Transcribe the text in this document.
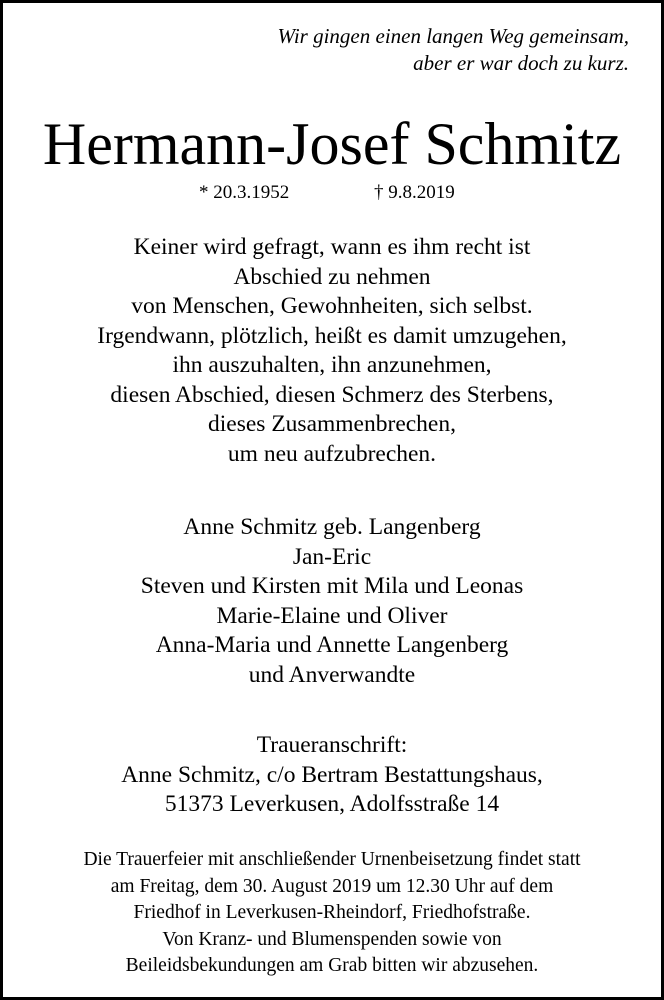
Wir gingen einen langen Weg gemeinsam,
aber er war doch zu kurz.
Hermann-Josef Schmitz
* 20.3.1952	† 9.8.2019
Keiner wird gefragt, wann es ihm recht ist
Abschied zu nehmen
von Menschen, Gewohnheiten, sich selbst.
Irgendwann, plötzlich, heißt es damit umzugehen,
ihn auszuhalten, ihn anzunehmen,
diesen Abschied, diesen Schmerz des Sterbens,
dieses Zusammenbrechen,
um neu aufzubrechen.
Anne Schmitz geb. Langenberg
Jan-Eric
Steven und Kirsten mit Mila und Leonas
Marie-Elaine und Oliver
Anna-Maria und Annette Langenberg
und Anverwandte
Traueranschrift:
Anne Schmitz, c/o Bertram Bestattungshaus,
51373 Leverkusen, Adolfsstraße 14
Die Trauerfeier mit anschließender Urnenbeisetzung findet statt
am Freitag, dem 30. August 2019 um 12.30 Uhr auf dem
Friedhof in Leverkusen-Rheindorf, Friedhofstraße.
Von Kranz- und Blumenspenden sowie von
Beileidsbekundungen am Grab bitten wir abzusehen.
